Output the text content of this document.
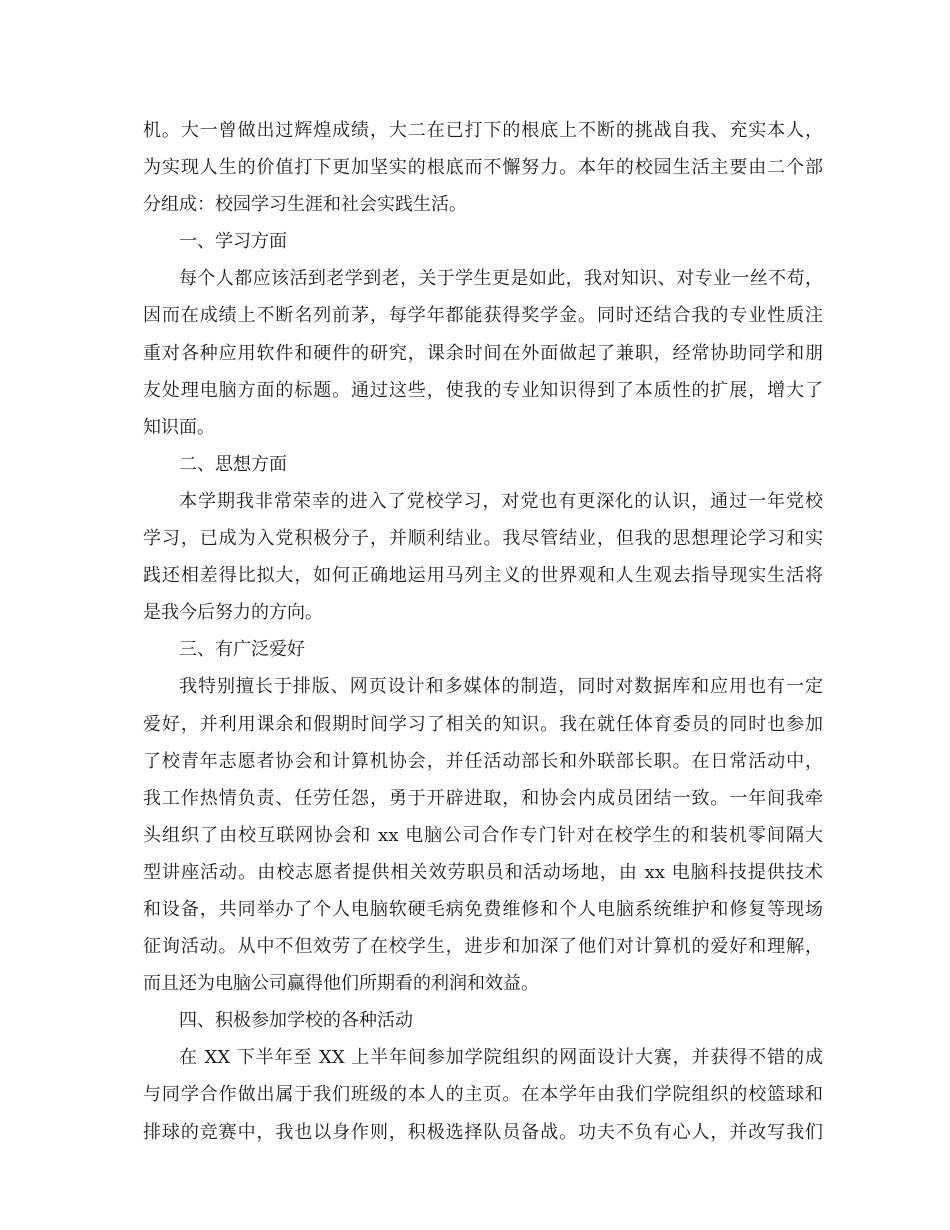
机。大一曾做出过辉煌成绩，大二在已打下的根底上不断的挑战自我、充实本人，
为实现人生的价值打下更加坚实的根底而不懈努力。本年的校园生活主要由二个部
分组成：校园学习生涯和社会实践生活。
一、学习方面
每个人都应该活到老学到老，关于学生更是如此，我对知识、对专业一丝不苟，
因而在成绩上不断名列前茅，每学年都能获得奖学金。同时还结合我的专业性质注
重对各种应用软件和硬件的研究，课余时间在外面做起了兼职，经常协助同学和朋
友处理电脑方面的标题。通过这些，使我的专业知识得到了本质性的扩展，增大了
知识面。
二、思想方面
本学期我非常荣幸的进入了党校学习，对党也有更深化的认识，通过一年党校
学习，已成为入党积极分子，并顺利结业。我尽管结业，但我的思想理论学习和实
践还相差得比拟大，如何正确地运用马列主义的世界观和人生观去指导现实生活将
是我今后努力的方向。
三、有广泛爱好
我特别擅长于排版、网页设计和多媒体的制造，同时对数据库和应用也有一定
爱好，并利用课余和假期时间学习了相关的知识。我在就任体育委员的同时也参加
了校青年志愿者协会和计算机协会，并任活动部长和外联部长职。在日常活动中，
我工作热情负责、任劳任怨，勇于开辟进取，和协会内成员团结一致。一年间我牵
头组织了由校互联网协会和 xx 电脑公司合作专门针对在校学生的和装机零间隔大
型讲座活动。由校志愿者提供相关效劳职员和活动场地，由 xx 电脑科技提供技术
和设备，共同举办了个人电脑软硬毛病免费维修和个人电脑系统维护和修复等现场
征询活动。从中不但效劳了在校学生，进步和加深了他们对计算机的爱好和理解，
而且还为电脑公司赢得他们所期看的利润和效益。
四、积极参加学校的各种活动
在 XX 下半年至 XX 上半年间参加学院组织的网面设计大赛，并获得不错的成
与同学合作做出属于我们班级的本人的主页。在本学年由我们学院组织的校篮球和
排球的竞赛中，我也以身作则，积极选择队员备战。功夫不负有心人，并改写我们
